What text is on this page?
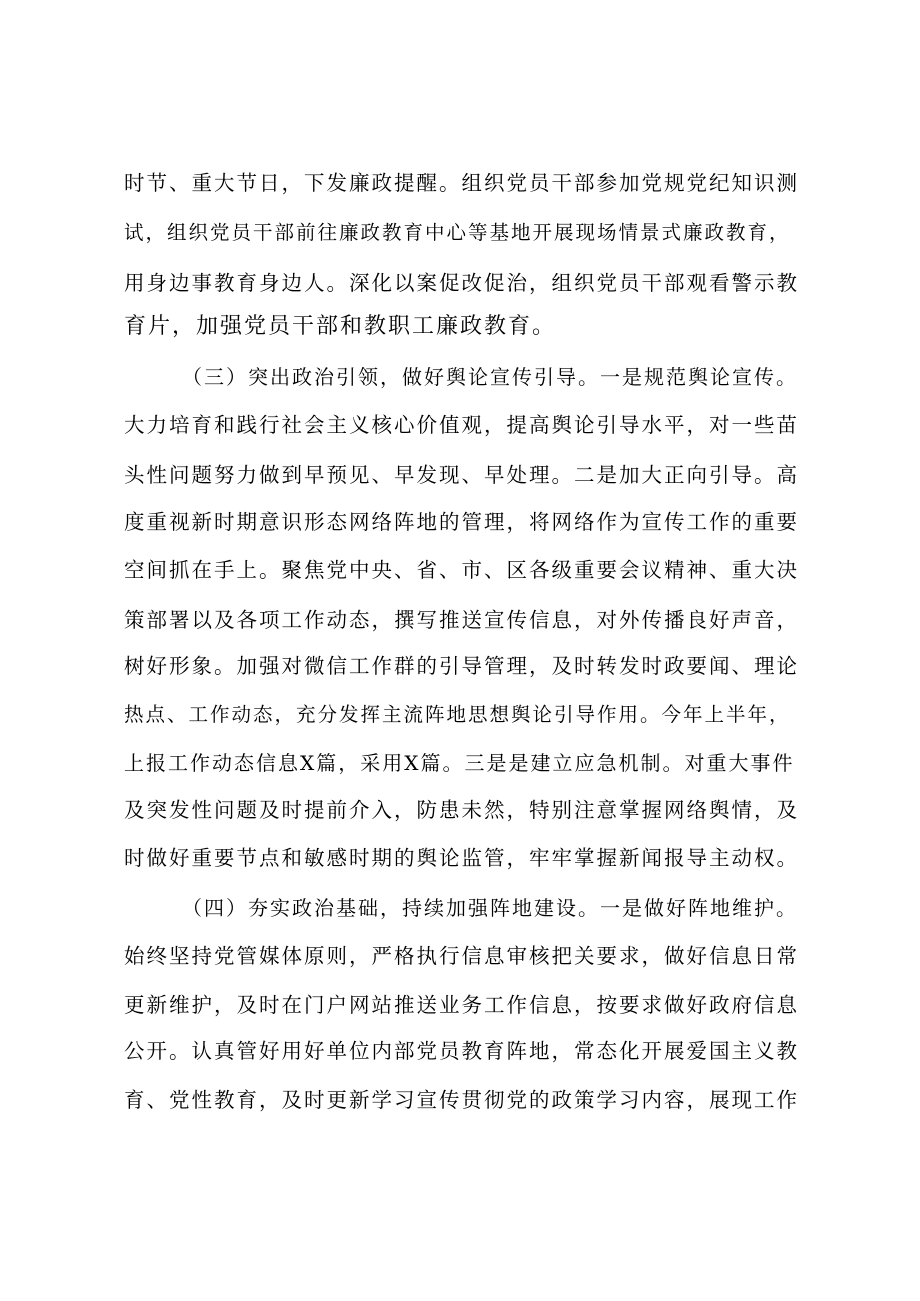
时节、重大节日，下发廉政提醒。组织党员干部参加党规党纪知识测

试，组织党员干部前往廉政教育中心等基地开展现场情景式廉政教育，

用身边事教育身边人。深化以案促改促治，组织党员干部观看警示教

育片，加强党员干部和教职工廉政教育。

（三）突出政治引领，做好舆论宣传引导。一是规范舆论宣传。

大力培育和践行社会主义核心价值观，提高舆论引导水平，对一些苗

头性问题努力做到早预见、早发现、早处理。二是加大正向引导。高

度重视新时期意识形态网络阵地的管理，将网络作为宣传工作的重要

空间抓在手上。聚焦党中央、省、市、区各级重要会议精神、重大决

策部署以及各项工作动态，撰写推送宣传信息，对外传播良好声音，

树好形象。加强对微信工作群的引导管理，及时转发时政要闻、理论

热点、工作动态，充分发挥主流阵地思想舆论引导作用。今年上半年，

上报工作动态信息X篇，采用X篇。三是是建立应急机制。对重大事件

及突发性问题及时提前介入，防患未然，特别注意掌握网络舆情，及

时做好重要节点和敏感时期的舆论监管，牢牢掌握新闻报导主动权。

（四）夯实政治基础，持续加强阵地建设。一是做好阵地维护。

始终坚持党管媒体原则，严格执行信息审核把关要求，做好信息日常

更新维护，及时在门户网站推送业务工作信息，按要求做好政府信息

公开。认真管好用好单位内部党员教育阵地，常态化开展爱国主义教

育、党性教育，及时更新学习宣传贯彻党的政策学习内容，展现工作
